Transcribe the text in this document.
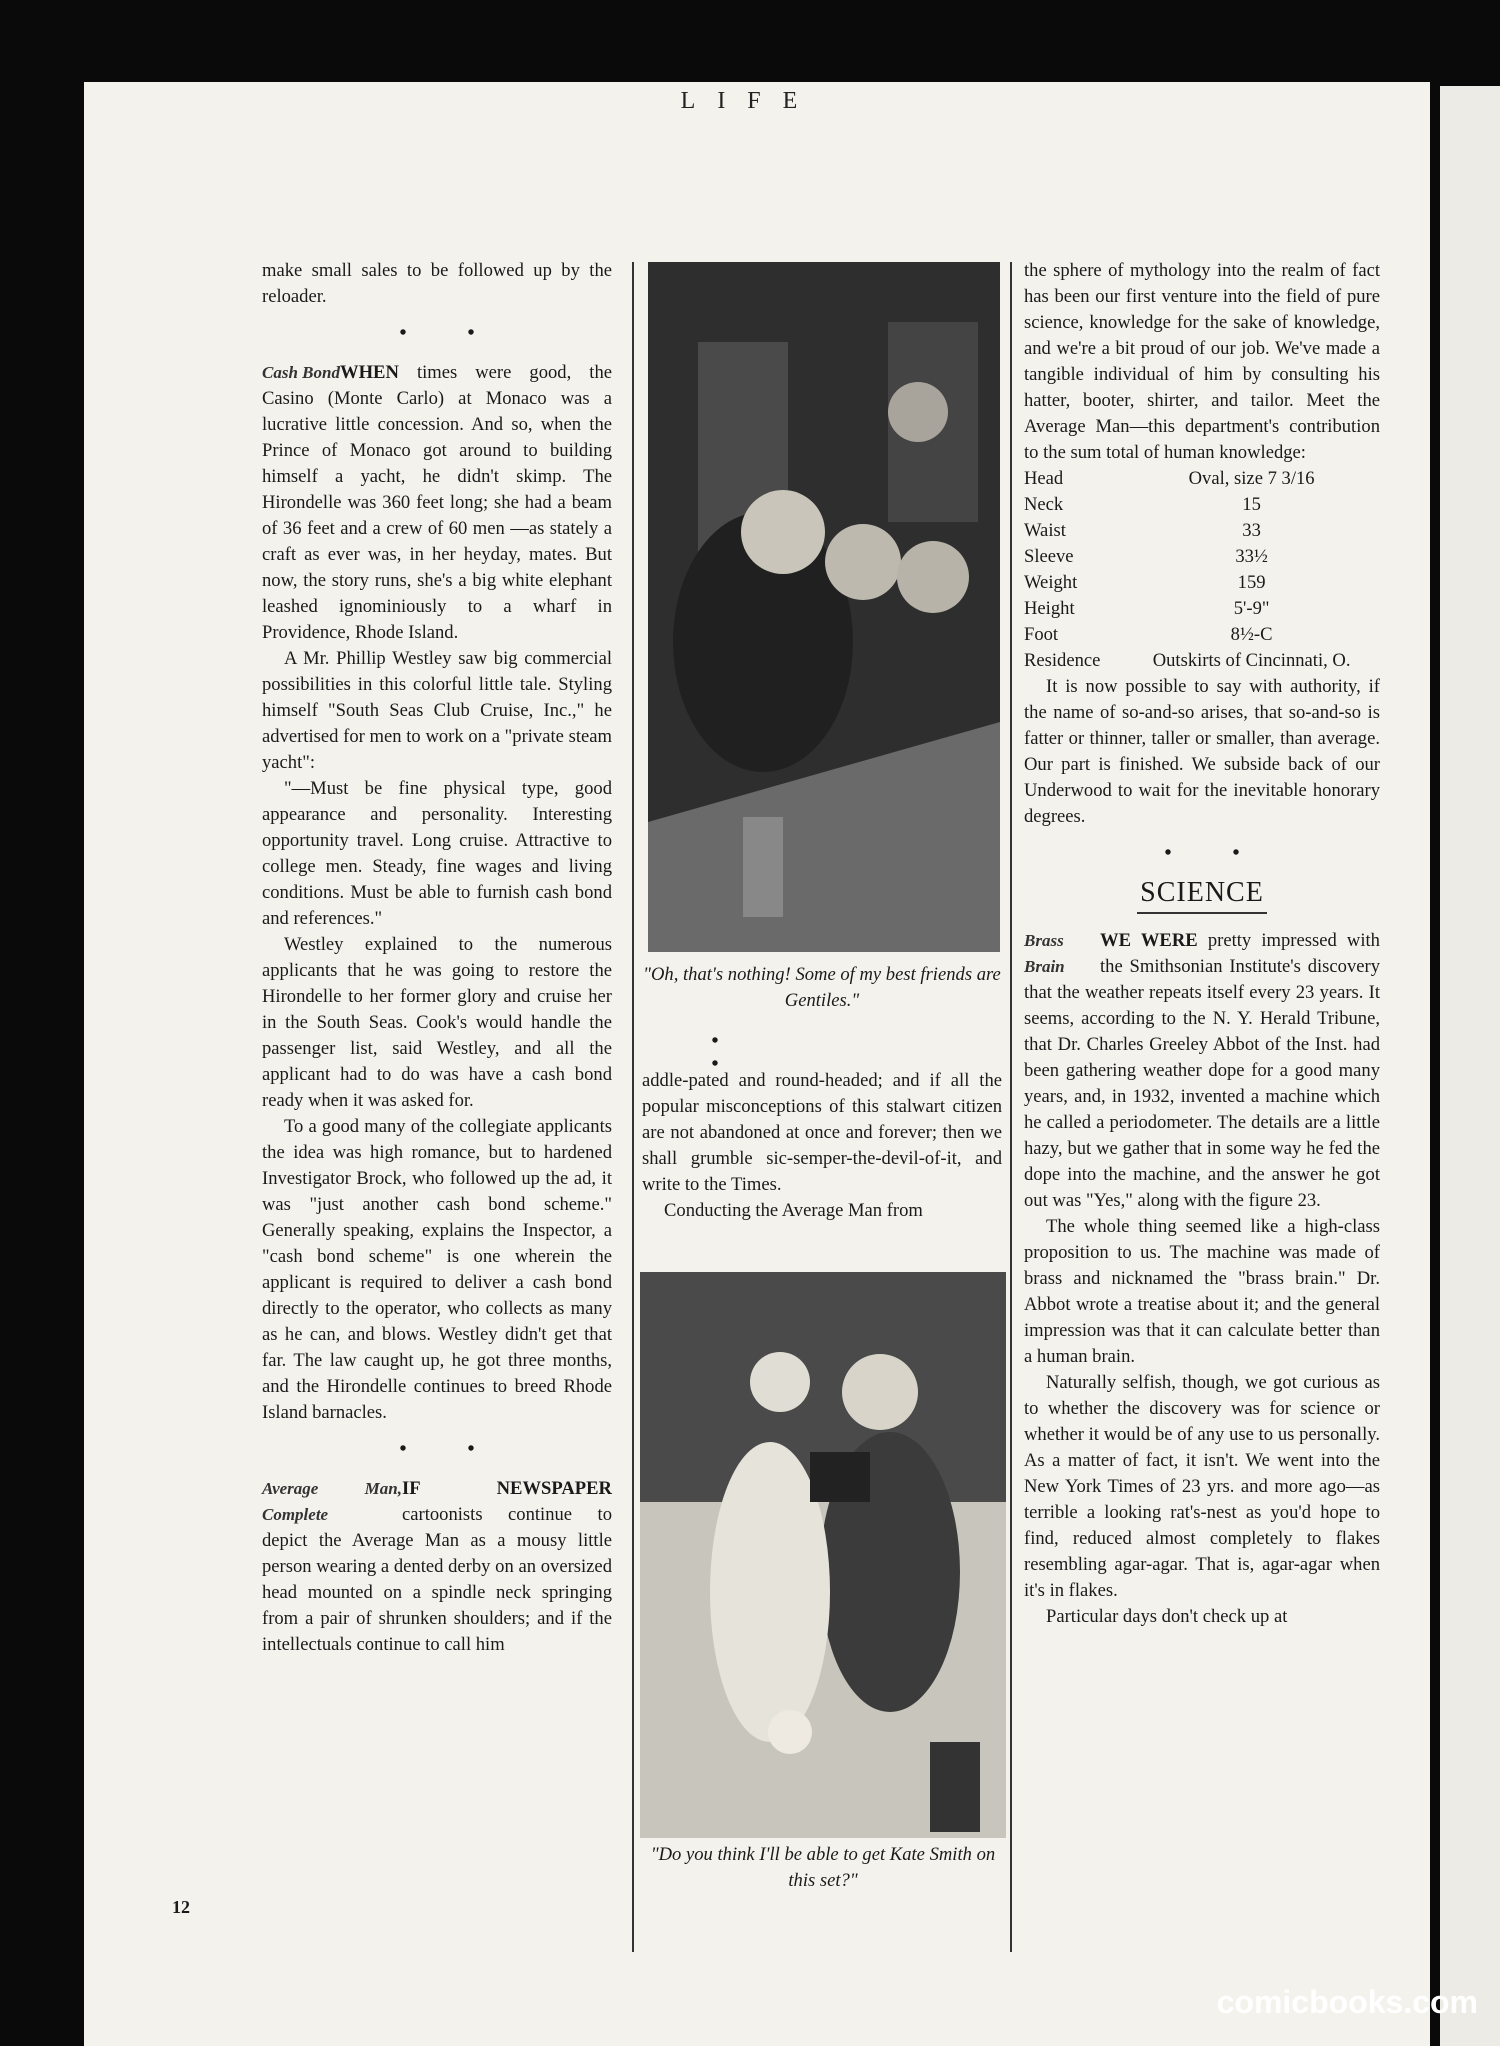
LIFE

make small sales to be followed up by the reloader.

• •
Cash Bond WHEN times were good, the Casino (Monte Carlo) at Monaco was a lucrative little concession. And so, when the Prince of Monaco got around to building himself a yacht, he didn't skimp. The Hirondelle was 360 feet long; she had a beam of 36 feet and a crew of 60 men —as stately a craft as ever was, in her heyday, mates. But now, the story runs, she's a big white elephant leashed ignominiously to a wharf in Providence, Rhode Island.

A Mr. Phillip Westley saw big commercial possibilities in this colorful little tale. Styling himself "South Seas Club Cruise, Inc.," he advertised for men to work on a "private steam yacht":

"—Must be fine physical type, good appearance and personality. Interesting opportunity travel. Long cruise. Attractive to college men. Steady, fine wages and living conditions. Must be able to furnish cash bond and references."

Westley explained to the numerous applicants that he was going to restore the Hirondelle to her former glory and cruise her in the South Seas. Cook's would handle the passenger list, said Westley, and all the applicant had to do was have a cash bond ready when it was asked for.

To a good many of the collegiate applicants the idea was high romance, but to hardened Investigator Brock, who followed up the ad, it was "just another cash bond scheme." Generally speaking, explains the Inspector, a "cash bond scheme" is one wherein the applicant is required to deliver a cash bond directly to the operator, who collects as many as he can, and blows. Westley didn't get that far. The law caught up, he got three months, and the Hirondelle continues to breed Rhode Island barnacles.

• •
Average Man, Complete

IF NEWSPAPER cartoonists continue to depict the Average Man as a mousy little person wearing a dented derby on an oversized head mounted on a spindle neck springing from a pair of shrunken shoulders; and if the intellectuals continue to call him

"Oh, that's nothing! Some of my best friends are Gentiles."
• •

addle-pated and round-headed; and if all the popular misconceptions of this stalwart citizen are not abandoned at once and forever; then we shall grumble sic-semper-the-devil-of-it, and write to the Times.

Conducting the Average Man from

"Do you think I'll be able to get Kate Smith on this set?"

the sphere of mythology into the realm of fact has been our first venture into the field of pure science, knowledge for the sake of knowledge, and we're a bit proud of our job. We've made a tangible individual of him by consulting his hatter, booter, shirter, and tailor. Meet the Average Man—this department's contribution to the sum total of human knowledge:

Head	Oval, size 7 3/16
Neck	15
Waist	33
Sleeve	33½
Weight	159
Height	5'-9"
Foot	8½-C
Residence	Outskirts of Cincinnati, O.

It is now possible to say with authority, if the name of so-and-so arises, that so-and-so is fatter or thinner, taller or smaller, than average. Our part is finished. We subside back of our Underwood to wait for the inevitable honorary degrees.

• •
SCIENCE
Brass Brain

WE WERE pretty impressed with the Smithsonian Institute's discovery that the weather repeats itself every 23 years. It seems, according to the N. Y. Herald Tribune, that Dr. Charles Greeley Abbot of the Inst. had been gathering weather dope for a good many years, and, in 1932, invented a machine which he called a periodometer. The details are a little hazy, but we gather that in some way he fed the dope into the machine, and the answer he got out was "Yes," along with the figure 23.

The whole thing seemed like a high-class proposition to us. The machine was made of brass and nicknamed the "brass brain." Dr. Abbot wrote a treatise about it; and the general impression was that it can calculate better than a human brain.

Naturally selfish, though, we got curious as to whether the discovery was for science or whether it would be of any use to us personally. As a matter of fact, it isn't. We went into the New York Times of 23 yrs. and more ago—as terrible a looking rat's-nest as you'd hope to find, reduced almost completely to flakes resembling agar-agar. That is, agar-agar when it's in flakes.

Particular days don't check up at

12
comicbooks.com
